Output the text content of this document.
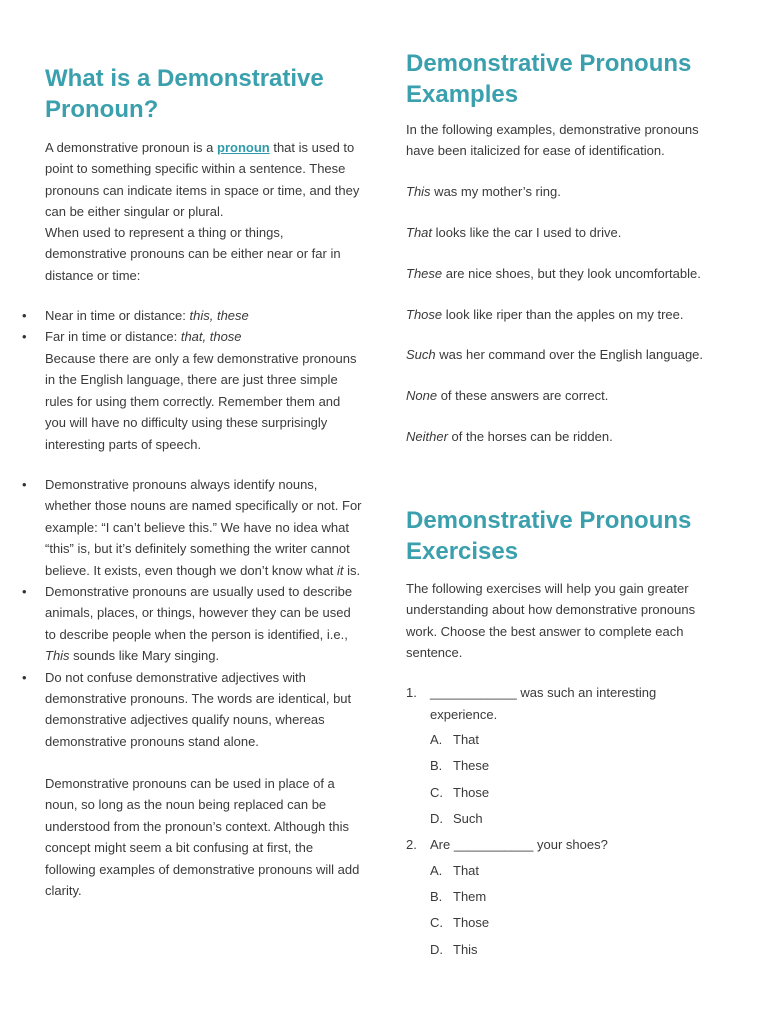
What is a Demonstrative Pronoun?

A demonstrative pronoun is a pronoun that is used to point to something specific within a sentence. These pronouns can indicate items in space or time, and they can be either singular or plural.

When used to represent a thing or things, demonstrative pronouns can be either near or far in distance or time:

• Near in time or distance: this, these
• Far in time or distance: that, those

Because there are only a few demonstrative pronouns in the English language, there are just three simple rules for using them correctly. Remember them and you will have no difficulty using these surprisingly interesting parts of speech.

• Demonstrative pronouns always identify nouns, whether those nouns are named specifically or not. For example: “I can’t believe this.” We have no idea what “this” is, but it’s definitely something the writer cannot believe. It exists, even though we don’t know what it is.
• Demonstrative pronouns are usually used to describe animals, places, or things, however they can be used to describe people when the person is identified, i.e., This sounds like Mary singing.
• Do not confuse demonstrative adjectives with demonstrative pronouns. The words are identical, but demonstrative adjectives qualify nouns, whereas demonstrative pronouns stand alone.

Demonstrative pronouns can be used in place of a noun, so long as the noun being replaced can be understood from the pronoun’s context. Although this concept might seem a bit confusing at first, the following examples of demonstrative pronouns will add clarity.

Demonstrative Pronouns Examples

In the following examples, demonstrative pronouns have been italicized for ease of identification.

This was my mother’s ring.
That looks like the car I used to drive.
These are nice shoes, but they look uncomfortable.
Those look like riper than the apples on my tree.
Such was her command over the English language.
None of these answers are correct.
Neither of the horses can be ridden.
Demonstrative Pronouns Exercises

The following exercises will help you gain greater understanding about how demonstrative pronouns work. Choose the best answer to complete each sentence.

1. ____________ was such an interesting experience.
A. That
B. These
C. Those
D. Such
2. Are ___________ your shoes?
A. That
B. Them
C. Those
D. This
